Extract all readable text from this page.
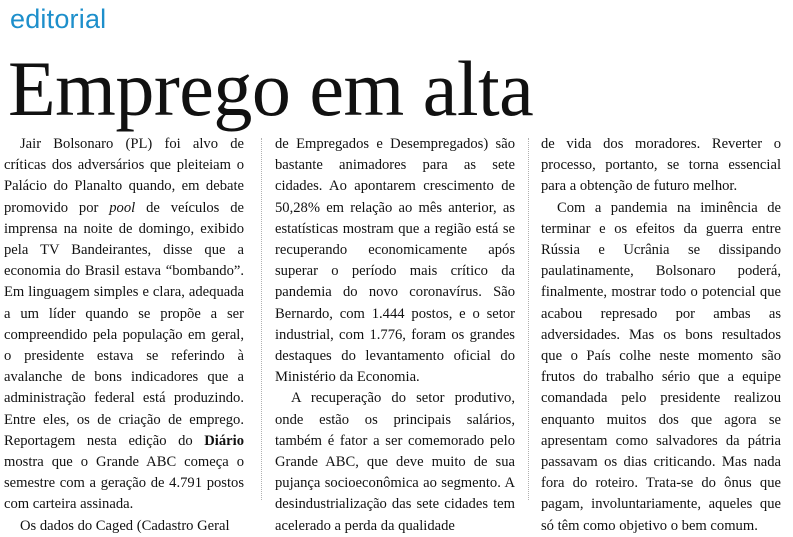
editorial
Emprego em alta

Jair Bolsonaro (PL) foi alvo de críticas dos adversários que pleiteiam o Palácio do Planalto quando, em debate promovido por pool de veículos de imprensa na noite de domingo, exibido pela TV Bandeirantes, disse que a economia do Brasil estava “bombando”. Em linguagem simples e clara, adequada a um líder quando se propõe a ser compreendido pela população em geral, o presidente estava se referindo à avalanche de bons indicadores que a administração federal está produzindo. Entre eles, os de criação de emprego. Reportagem nesta edição do Diário mostra que o Grande ABC começa o semestre com a geração de 4.791 postos com carteira assinada.

Os dados do Caged (Cadastro Geral

de Empregados e Desempregados) são bastante animadores para as sete cidades. Ao apontarem crescimento de 50,28% em relação ao mês anterior, as estatísticas mostram que a região está se recuperando economicamente após superar o período mais crítico da pandemia do novo coronavírus. São Bernardo, com 1.444 postos, e o setor industrial, com 1.776, foram os grandes destaques do levantamento oficial do Ministério da Economia.

A recuperação do setor produtivo, onde estão os principais salários, também é fator a ser comemorado pelo Grande ABC, que deve muito de sua pujança socioeconômica ao segmento. A desindustrialização das sete cidades tem acelerado a perda da qualidade

de vida dos moradores. Reverter o processo, portanto, se torna essencial para a obtenção de futuro melhor.

Com a pandemia na iminência de terminar e os efeitos da guerra entre Rússia e Ucrânia se dissipando paulatinamente, Bolsonaro poderá, finalmente, mostrar todo o potencial que acabou represado por ambas as adversidades. Mas os bons resultados que o País colhe neste momento são frutos do trabalho sério que a equipe comandada pelo presidente realizou enquanto muitos dos que agora se apresentam como salvadores da pátria passavam os dias criticando. Mas nada fora do roteiro. Trata-se do ônus que pagam, involuntariamente, aqueles que só têm como objetivo o bem comum.
